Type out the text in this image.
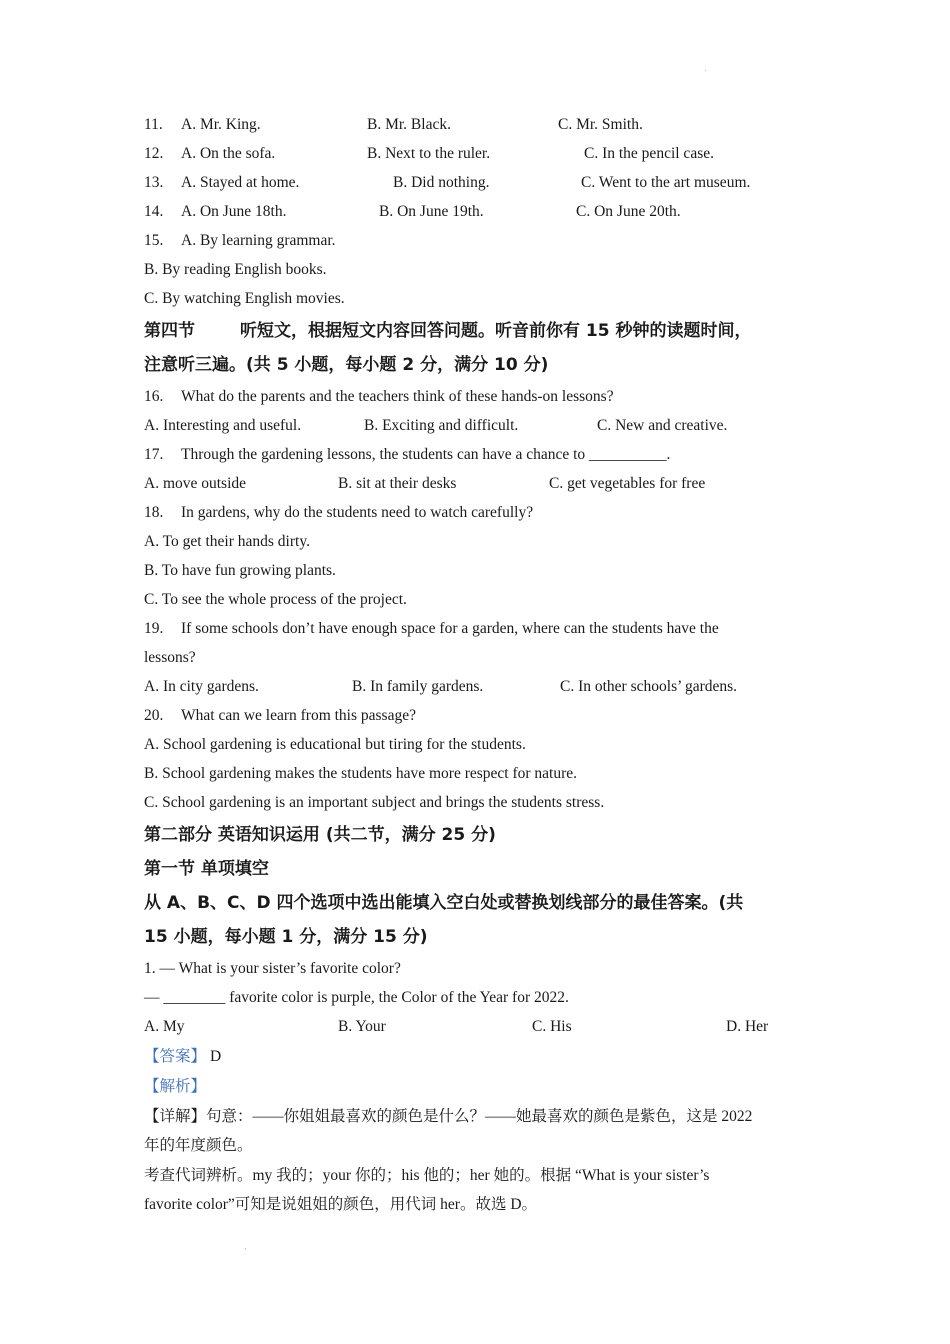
11. A. Mr. King.	B. Mr. Black.	C. Mr. Smith.
12. A. On the sofa.	B. Next to the ruler.	C. In the pencil case.
13. A. Stayed at home.	B. Did nothing.	C. Went to the art museum.
14. A. On June 18th.	B. On June 19th.	C. On June 20th.
15. A. By learning grammar.
B. By reading English books.
C. By watching English movies.
第四节	听短文，根据短文内容回答问题。听音前你有 15 秒钟的读题时间，
注意听三遍。(共 5 小题，每小题 2 分，满分 10 分)
16. What do the parents and the teachers think of these hands-on lessons?
A. Interesting and useful.	B. Exciting and difficult.	C. New and creative.
17. Through the gardening lessons, the students can have a chance to __________.
A. move outside	B. sit at their desks	C. get vegetables for free
18. In gardens, why do the students need to watch carefully?
A. To get their hands dirty.
B. To have fun growing plants.
C. To see the whole process of the project.
19. If some schools don’t have enough space for a garden, where can the students have the
lessons?
A. In city gardens.	B. In family gardens.	C. In other schools’ gardens.
20. What can we learn from this passage?
A. School gardening is educational but tiring for the students.
B. School gardening makes the students have more respect for nature.
C. School gardening is an important subject and brings the students stress.
第二部分 英语知识运用 (共二节，满分 25 分)
第一节 单项填空
从 A、B、C、D 四个选项中选出能填入空白处或替换划线部分的最佳答案。(共
15 小题，每小题 1 分，满分 15 分)
1. — What is your sister’s favorite color?
— ________ favorite color is purple, the Color of the Year for 2022.
A. My	B. Your	C. His	D. Her
【答案】 D
【解析】
【详解】句意：——你姐姐最喜欢的颜色是什么？——她最喜欢的颜色是紫色，这是 2022
年的年度颜色。
考查代词辨析。my 我的；your 你的；his 他的；her 她的。根据 “What is your sister’s
favorite color”可知是说姐姐的颜色，用代词 her。故选 D。
